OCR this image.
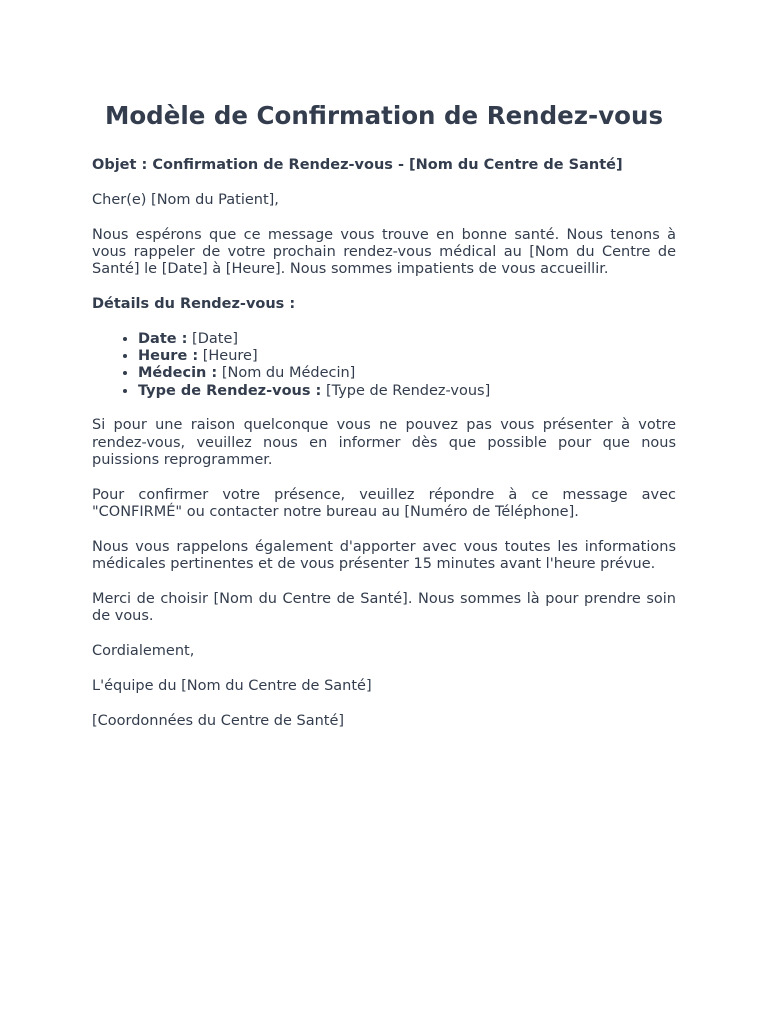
Modèle de Confirmation de Rendez-vous

Objet : Confirmation de Rendez-vous - [Nom du Centre de Santé]

Cher(e) [Nom du Patient],

Nous espérons que ce message vous trouve en bonne santé. Nous tenons à vous rappeler de votre prochain rendez-vous médical au [Nom du Centre de Santé] le [Date] à [Heure]. Nous sommes impatients de vous accueillir.

Détails du Rendez-vous :

• Date : [Date]
• Heure : [Heure]
• Médecin : [Nom du Médecin]
• Type de Rendez-vous : [Type de Rendez-vous]

Si pour une raison quelconque vous ne pouvez pas vous présenter à votre rendez-vous, veuillez nous en informer dès que possible pour que nous puissions reprogrammer.

Pour confirmer votre présence, veuillez répondre à ce message avec "CONFIRMÉ" ou contacter notre bureau au [Numéro de Téléphone].

Nous vous rappelons également d'apporter avec vous toutes les informations médicales pertinentes et de vous présenter 15 minutes avant l'heure prévue.

Merci de choisir [Nom du Centre de Santé]. Nous sommes là pour prendre soin de vous.

Cordialement,

L'équipe du [Nom du Centre de Santé]

[Coordonnées du Centre de Santé]
